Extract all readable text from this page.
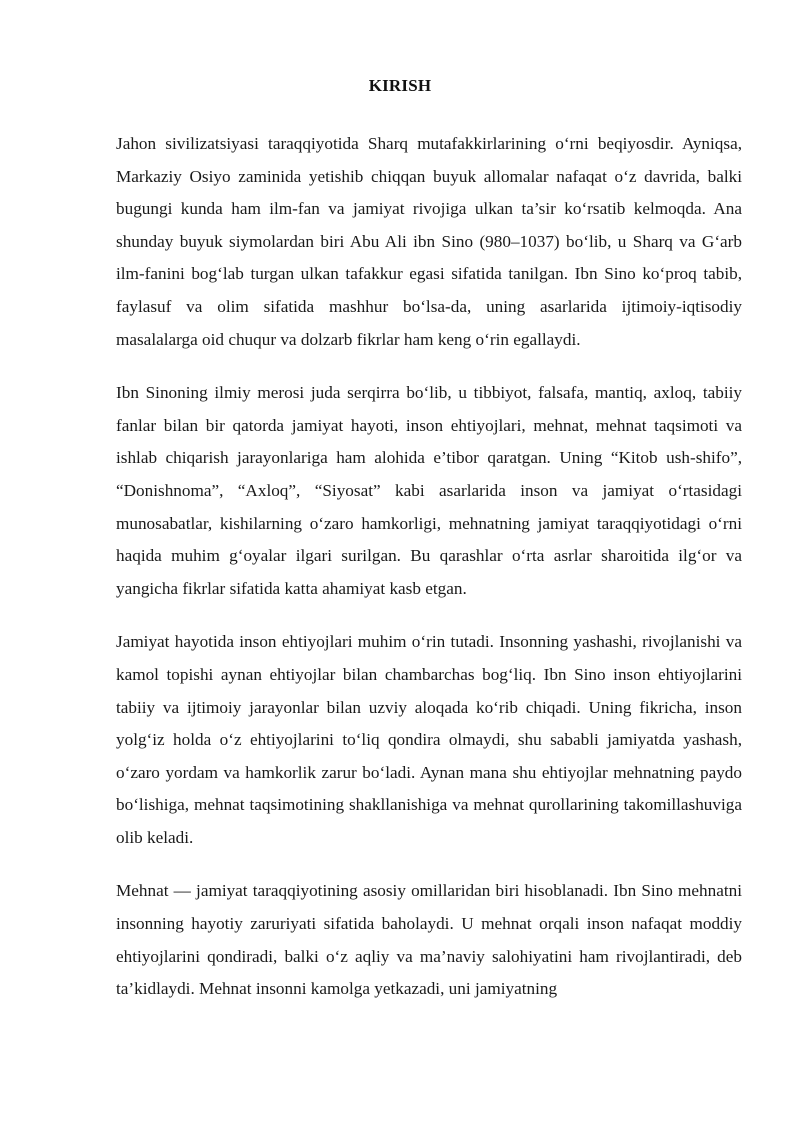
KIRISH

Jahon sivilizatsiyasi taraqqiyotida Sharq mutafakkirlarining o‘rni beqiyosdir. Ayniqsa, Markaziy Osiyo zaminida yetishib chiqqan buyuk allomalar nafaqat o‘z davrida, balki bugungi kunda ham ilm-fan va jamiyat rivojiga ulkan ta’sir ko‘rsatib kelmoqda. Ana shunday buyuk siymolardan biri Abu Ali ibn Sino (980–1037) bo‘lib, u Sharq va G‘arb ilm-fanini bog‘lab turgan ulkan tafakkur egasi sifatida tanilgan. Ibn Sino ko‘proq tabib, faylasuf va olim sifatida mashhur bo‘lsa-da, uning asarlarida ijtimoiy-iqtisodiy masalalarga oid chuqur va dolzarb fikrlar ham keng o‘rin egallaydi.

Ibn Sinoning ilmiy merosi juda serqirra bo‘lib, u tibbiyot, falsafa, mantiq, axloq, tabiiy fanlar bilan bir qatorda jamiyat hayoti, inson ehtiyojlari, mehnat, mehnat taqsimoti va ishlab chiqarish jarayonlariga ham alohida e’tibor qaratgan. Uning “Kitob ush-shifo”, “Donishnoma”, “Axloq”, “Siyosat” kabi asarlarida inson va jamiyat o‘rtasidagi munosabatlar, kishilarning o‘zaro hamkorligi, mehnatning jamiyat taraqqiyotidagi o‘rni haqida muhim g‘oyalar ilgari surilgan. Bu qarashlar o‘rta asrlar sharoitida ilg‘or va yangicha fikrlar sifatida katta ahamiyat kasb etgan.

Jamiyat hayotida inson ehtiyojlari muhim o‘rin tutadi. Insonning yashashi, rivojlanishi va kamol topishi aynan ehtiyojlar bilan chambarchas bog‘liq. Ibn Sino inson ehtiyojlarini tabiiy va ijtimoiy jarayonlar bilan uzviy aloqada ko‘rib chiqadi. Uning fikricha, inson yolg‘iz holda o‘z ehtiyojlarini to‘liq qondira olmaydi, shu sababli jamiyatda yashash, o‘zaro yordam va hamkorlik zarur bo‘ladi. Aynan mana shu ehtiyojlar mehnatning paydo bo‘lishiga, mehnat taqsimotining shakllanishiga va mehnat qurollarining takomillashuviga olib keladi.

Mehnat — jamiyat taraqqiyotining asosiy omillaridan biri hisoblanadi. Ibn Sino mehnatni insonning hayotiy zaruriyati sifatida baholaydi. U mehnat orqali inson nafaqat moddiy ehtiyojlarini qondiradi, balki o‘z aqliy va ma’naviy salohiyatini ham rivojlantiradi, deb ta’kidlaydi. Mehnat insonni kamolga yetkazadi, uni jamiyatning
